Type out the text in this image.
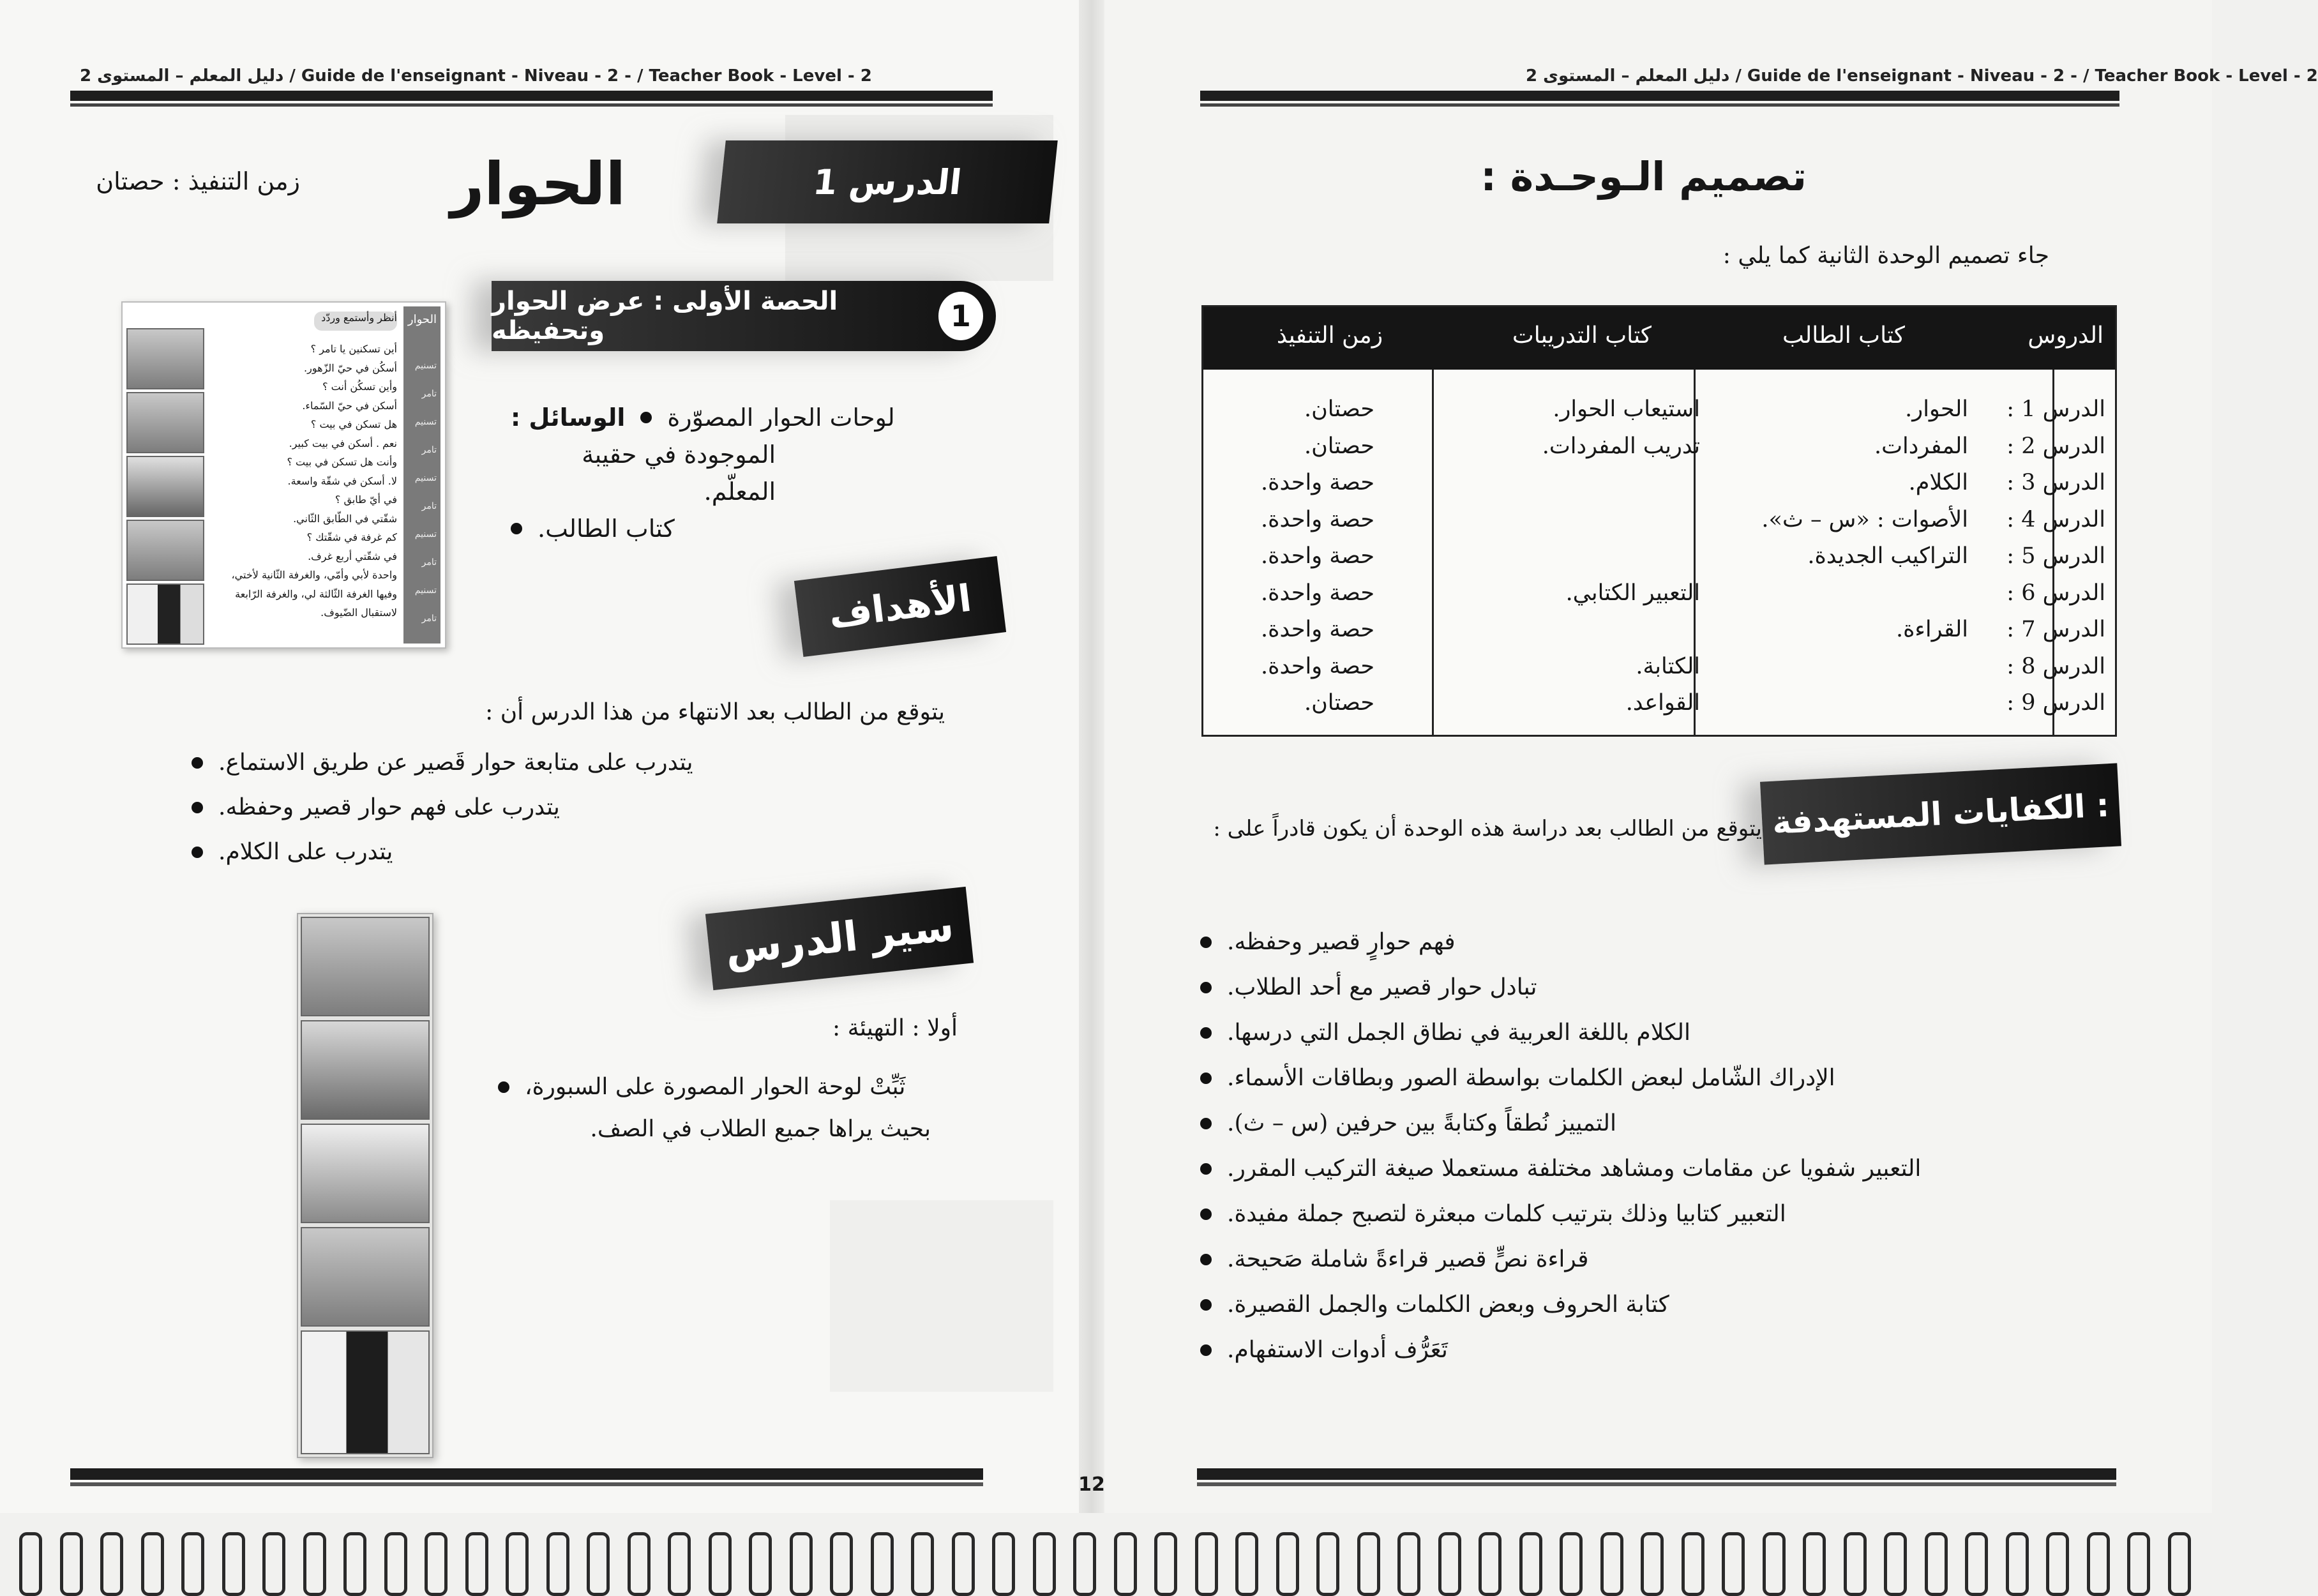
2 دليل المعلم – المستوى / Guide de l'enseignant - Niveau - 2 - / Teacher Book - Level - 2
الدرس 1
الحوار
زمن التنفيذ : حصتان
الحصة الأولى : عرض الحوار وتحفيظه	1
الحوار
تسنيم
تامر
تسنيم
تامر
تسنيم
تامر
تسنيم
تامر
تسنيم
تامر
أنظر وأستمع وردّد
أين تسكنين يا تامر ؟
أسكُن في حيّ الزّهور.
وأين تسكُن أنت ؟
أسكن في حيّ السّماء.
هل تسكن في بيت ؟
نعم . أسكن في بيت كبير.
وأنت هل تسكن في بيت ؟
لا. أسكن في شقّة واسعة.
في أيّ طابق ؟
شقّتي في الطّابق الثّاني.
كم غرفة في شقّتك ؟
في شقّتي أربع غرف.
واحدة لأبي وأمّي، والغرفة الثّانية لأختي،
وفيها الغرفة الثّالثة لي، والغرفة الرّابعة
لاستقبال الضّيوف.
الوسائل : لوحات الحوار المصوّرة
الموجودة في حقيبة المعلّم.
كتاب الطالب.
الأهداف
يتوقع من الطالب بعد الانتهاء من هذا الدرس أن :
يتدرب على متابعة حوار قَصير عن طريق الاستماع.
يتدرب على فهم حوار قصير وحفظه.
يتدرب على الكلام.
سير الدرس
أولا : التهيئة :
ثَبِّتْ لوحة الحوار المصورة على السبورة،
بحيث يراها جميع الطلاب في الصف.
12
2 دليل المعلم – المستوى / Guide de l'enseignant - Niveau - 2 - / Teacher Book - Level - 2
تصميم الـوحـدة :
جاء تصميم الوحدة الثانية كما يلي :
الدروس
كتاب الطالب
كتاب التدريبات
زمن التنفيذ
الدرس 1 :
الدرس 2 :
الدرس 3 :
الدرس 4 :
الدرس 5 :
الدرس 6 :
الدرس 7 :
الدرس 8 :
الدرس 9 :
الحوار.
المفردات.
الكلام.
الأصوات : «س – ث».
التراكيب الجديدة.

القراءة.

استيعاب الحوار.
تدريب المفردات.

التعبير الكتابي.

الكتابة.
القواعد.
حصتان.
حصتان.
حصة واحدة.
حصة واحدة.
حصة واحدة.
حصة واحدة.
حصة واحدة.
حصة واحدة.
حصتان.
الكفايات المستهدفة :
يتوقع من الطالب بعد دراسة هذه الوحدة أن يكون قادراً على :
فهم حوارٍ قصير وحفظه.
تبادل حوار قصير مع أحد الطلاب.
الكلام باللغة العربية في نطاق الجمل التي درسها.
الإدراك الشّامل لبعض الكلمات بواسطة الصور وبطاقات الأسماء.
التمييز نُطقاً وكتابةً بين حرفين (س – ث).
التعبير شفويا عن مقامات ومشاهد مختلفة مستعملا صيغة التركيب المقرر.
التعبير كتابيا وذلك بترتيب كلمات مبعثرة لتصبح جملة مفيدة.
قراءة نصٍّ قصير قراءةً شاملة صَحيحة.
كتابة الحروف وبعض الكلمات والجمل القصيرة.
تَعَرُّف أدوات الاستفهام.
